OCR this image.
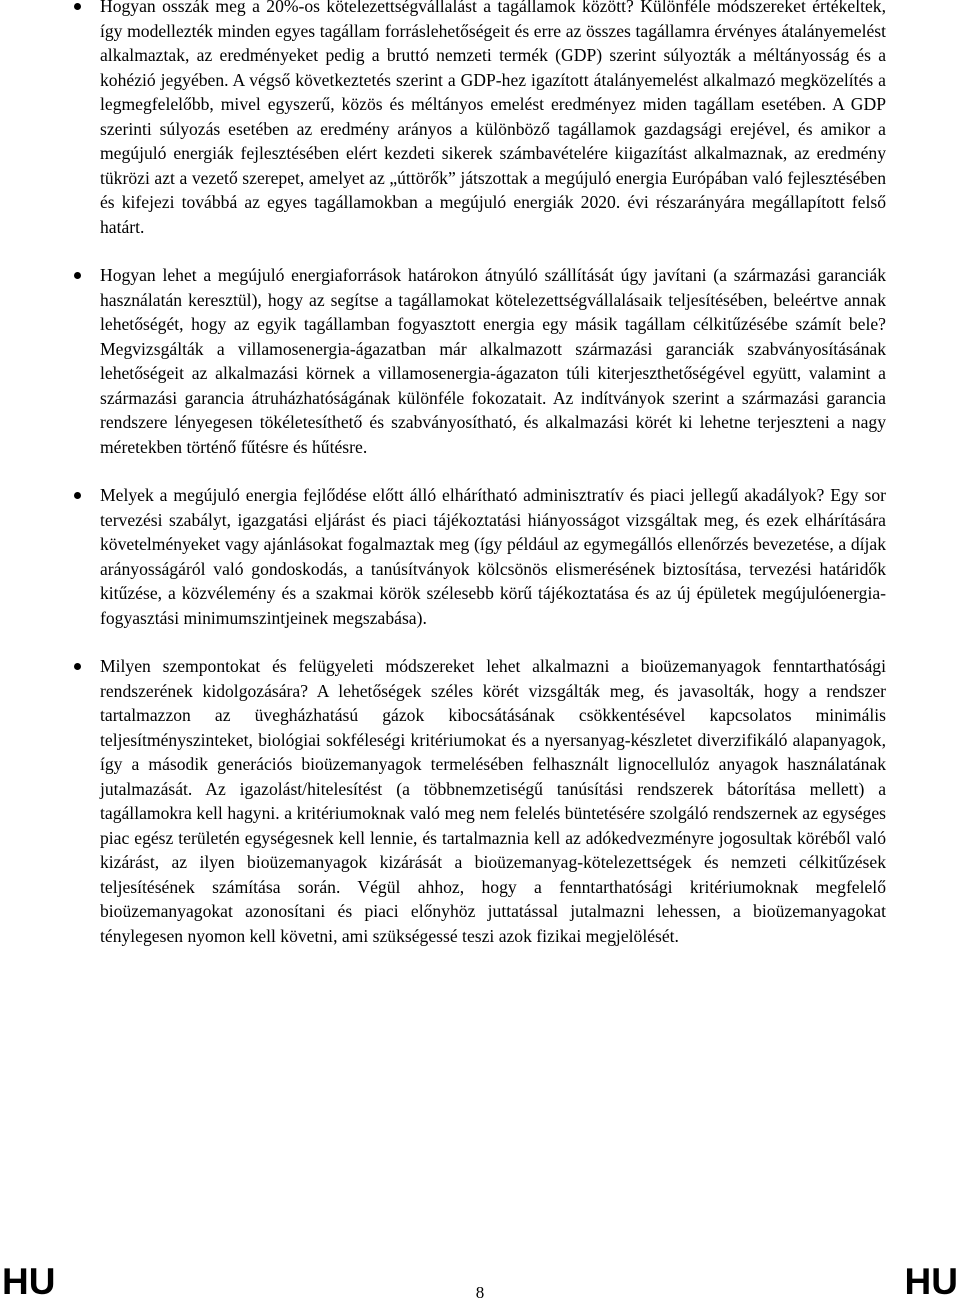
Hogyan osszák meg a 20%-os kötelezettségvállalást a tagállamok között? Különféle módszereket értékeltek, így modellezték minden egyes tagállam forráslehetőségeit és erre az összes tagállamra érvényes átalányemelést alkalmaztak, az eredményeket pedig a bruttó nemzeti termék (GDP) szerint súlyozták a méltányosság és a kohézió jegyében. A végső következtetés szerint a GDP-hez igazított átalányemelést alkalmazó megközelítés a legmegfelelőbb, mivel egyszerű, közös és méltányos emelést eredményez miden tagállam esetében. A GDP szerinti súlyozás esetében az eredmény arányos a különböző tagállamok gazdagsági erejével, és amikor a megújuló energiák fejlesztésében elért kezdeti sikerek számbavételére kiigazítást alkalmaznak, az eredmény tükrözi azt a vezető szerepet, amelyet az „úttörők” játszottak a megújuló energia Európában való fejlesztésében és kifejezi továbbá az egyes tagállamokban a megújuló energiák 2020. évi részarányára megállapított felső határt.
Hogyan lehet a megújuló energiaforrások határokon átnyúló szállítását úgy javítani (a származási garanciák használatán keresztül), hogy az segítse a tagállamokat kötelezettségvállalásaik teljesítésében, beleértve annak lehetőségét, hogy az egyik tagállamban fogyasztott energia egy másik tagállam célkitűzésébe számít bele? Megvizsgálták a villamosenergia-ágazatban már alkalmazott származási garanciák szabványosításának lehetőségeit az alkalmazási körnek a villamosenergia-ágazaton túli kiterjeszthetőségével együtt, valamint a származási garancia átruházhatóságának különféle fokozatait. Az indítványok szerint a származási garancia rendszere lényegesen tökéletesíthető és szabványosítható, és alkalmazási körét ki lehetne terjeszteni a nagy méretekben történő fűtésre és hűtésre.
Melyek a megújuló energia fejlődése előtt álló elhárítható adminisztratív és piaci jellegű akadályok? Egy sor tervezési szabályt, igazgatási eljárást és piaci tájékoztatási hiányosságot vizsgáltak meg, és ezek elhárítására követelményeket vagy ajánlásokat fogalmaztak meg (így például az egymegállós ellenőrzés bevezetése, a díjak arányosságáról való gondoskodás, a tanúsítványok kölcsönös elismerésének biztosítása, tervezési határidők kitűzése, a közvélemény és a szakmai körök szélesebb körű tájékoztatása és az új épületek megújulóenergia-fogyasztási minimumszintjeinek megszabása).
Milyen szempontokat és felügyeleti módszereket lehet alkalmazni a bioüzemanyagok fenntarthatósági rendszerének kidolgozására? A lehetőségek széles körét vizsgálták meg, és javasolták, hogy a rendszer tartalmazzon az üvegházhatású gázok kibocsátásának csökkentésével kapcsolatos minimális teljesítményszinteket, biológiai sokféleségi kritériumokat és a nyersanyag-készletet diverzifikáló alapanyagok, így a második generációs bioüzemanyagok termelésében felhasznált lignocellulóz anyagok használatának jutalmazását. Az igazolást/hitelesítést (a többnemzetiségű tanúsítási rendszerek bátorítása mellett) a tagállamokra kell hagyni. a kritériumoknak való meg nem felelés büntetésére szolgáló rendszernek az egységes piac egész területén egységesnek kell lennie, és tartalmaznia kell az adókedvezményre jogosultak köréből való kizárást, az ilyen bioüzemanyagok kizárását a bioüzemanyag-kötelezettségek és nemzeti célkitűzések teljesítésének számítása során. Végül ahhoz, hogy a fenntarthatósági kritériumoknak megfelelő bioüzemanyagokat azonosítani és piaci előnyhöz juttatással jutalmazni lehessen, a bioüzemanyagokat ténylegesen nyomon kell követni, ami szükségessé teszi azok fizikai megjelölését.
HU	8	HU
